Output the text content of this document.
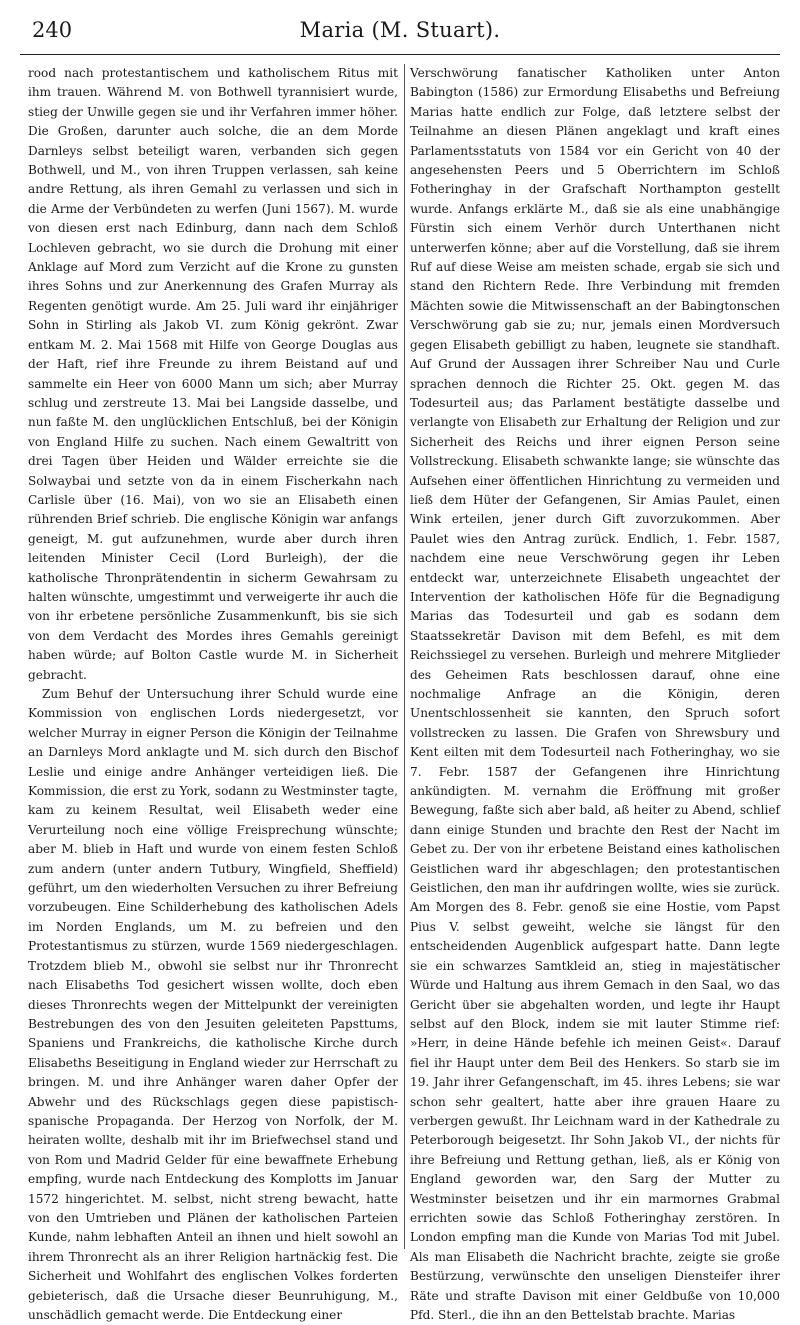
240	Maria (M. Stuart).

rood nach protestantischem und katholischem Ritus mit ihm trauen. Während M. von Bothwell tyrannisiert wurde, stieg der Unwille gegen sie und ihr Verfahren immer höher. Die Großen, darunter auch solche, die an dem Morde Darnleys selbst beteiligt waren, verbanden sich gegen Bothwell, und M., von ihren Truppen verlassen, sah keine andre Rettung, als ihren Gemahl zu verlassen und sich in die Arme der Verbündeten zu werfen (Juni 1567). M. wurde von diesen erst nach Edinburg, dann nach dem Schloß Lochleven gebracht, wo sie durch die Drohung mit einer Anklage auf Mord zum Verzicht auf die Krone zu gunsten ihres Sohns und zur Anerkennung des Grafen Murray als Regenten genötigt wurde. Am 25. Juli ward ihr einjähriger Sohn in Stirling als Jakob VI. zum König gekrönt. Zwar entkam M. 2. Mai 1568 mit Hilfe von George Douglas aus der Haft, rief ihre Freunde zu ihrem Beistand auf und sammelte ein Heer von 6000 Mann um sich; aber Murray schlug und zerstreute 13. Mai bei Langside dasselbe, und nun faßte M. den unglücklichen Entschluß, bei der Königin von England Hilfe zu suchen. Nach einem Gewaltritt von drei Tagen über Heiden und Wälder erreichte sie die Solwaybai und setzte von da in einem Fischerkahn nach Carlisle über (16. Mai), von wo sie an Elisabeth einen rührenden Brief schrieb. Die englische Königin war anfangs geneigt, M. gut aufzunehmen, wurde aber durch ihren leitenden Minister Cecil (Lord Burleigh), der die katholische Thronprätendentin in sicherm Gewahrsam zu halten wünschte, umgestimmt und verweigerte ihr auch die von ihr erbetene persönliche Zusammenkunft, bis sie sich von dem Verdacht des Mordes ihres Gemahls gereinigt haben würde; auf Bolton Castle wurde M. in Sicherheit gebracht.

Zum Behuf der Untersuchung ihrer Schuld wurde eine Kommission von englischen Lords niedergesetzt, vor welcher Murray in eigner Person die Königin der Teilnahme an Darnleys Mord anklagte und M. sich durch den Bischof Leslie und einige andre Anhänger verteidigen ließ. Die Kommission, die erst zu York, sodann zu Westminster tagte, kam zu keinem Resultat, weil Elisabeth weder eine Verurteilung noch eine völlige Freisprechung wünschte; aber M. blieb in Haft und wurde von einem festen Schloß zum andern (unter andern Tutbury, Wingfield, Sheffield) geführt, um den wiederholten Versuchen zu ihrer Befreiung vorzubeugen. Eine Schilderhebung des katholischen Adels im Norden Englands, um M. zu befreien und den Protestantismus zu stürzen, wurde 1569 niedergeschlagen. Trotzdem blieb M., obwohl sie selbst nur ihr Thronrecht nach Elisabeths Tod gesichert wissen wollte, doch eben dieses Thronrechts wegen der Mittelpunkt der vereinigten Bestrebungen des von den Jesuiten geleiteten Papsttums, Spaniens und Frankreichs, die katholische Kirche durch Elisabeths Beseitigung in England wieder zur Herrschaft zu bringen. M. und ihre Anhänger waren daher Opfer der Abwehr und des Rückschlags gegen diese papistisch-spanische Propaganda. Der Herzog von Norfolk, der M. heiraten wollte, deshalb mit ihr im Briefwechsel stand und von Rom und Madrid Gelder für eine bewaffnete Erhebung empfing, wurde nach Entdeckung des Komplotts im Januar 1572 hingerichtet. M. selbst, nicht streng bewacht, hatte von den Umtrieben und Plänen der katholischen Parteien Kunde, nahm lebhaften Anteil an ihnen und hielt sowohl an ihrem Thronrecht als an ihrer Religion hartnäckig fest. Die Sicherheit und Wohlfahrt des englischen Volkes forderten gebieterisch, daß die Ursache dieser Beunruhigung, M., unschädlich gemacht werde. Die Entdeckung einer

Verschwörung fanatischer Katholiken unter Anton Babington (1586) zur Ermordung Elisabeths und Befreiung Marias hatte endlich zur Folge, daß letztere selbst der Teilnahme an diesen Plänen angeklagt und kraft eines Parlamentsstatuts von 1584 vor ein Gericht von 40 der angesehensten Peers und 5 Oberrichtern im Schloß Fotheringhay in der Grafschaft Northampton gestellt wurde. Anfangs erklärte M., daß sie als eine unabhängige Fürstin sich einem Verhör durch Unterthanen nicht unterwerfen könne; aber auf die Vorstellung, daß sie ihrem Ruf auf diese Weise am meisten schade, ergab sie sich und stand den Richtern Rede. Ihre Verbindung mit fremden Mächten sowie die Mitwissenschaft an der Babingtonschen Verschwörung gab sie zu; nur, jemals einen Mordversuch gegen Elisabeth gebilligt zu haben, leugnete sie standhaft. Auf Grund der Aussagen ihrer Schreiber Nau und Curle sprachen dennoch die Richter 25. Okt. gegen M. das Todesurteil aus; das Parlament bestätigte dasselbe und verlangte von Elisabeth zur Erhaltung der Religion und zur Sicherheit des Reichs und ihrer eignen Person seine Vollstreckung. Elisabeth schwankte lange; sie wünschte das Aufsehen einer öffentlichen Hinrichtung zu vermeiden und ließ dem Hüter der Gefangenen, Sir Amias Paulet, einen Wink erteilen, jener durch Gift zuvorzukommen. Aber Paulet wies den Antrag zurück. Endlich, 1. Febr. 1587, nachdem eine neue Verschwörung gegen ihr Leben entdeckt war, unterzeichnete Elisabeth ungeachtet der Intervention der katholischen Höfe für die Begnadigung Marias das Todesurteil und gab es sodann dem Staatssekretär Davison mit dem Befehl, es mit dem Reichssiegel zu versehen. Burleigh und mehrere Mitglieder des Geheimen Rats beschlossen darauf, ohne eine nochmalige Anfrage an die Königin, deren Unentschlossenheit sie kannten, den Spruch sofort vollstrecken zu lassen. Die Grafen von Shrewsbury und Kent eilten mit dem Todesurteil nach Fotheringhay, wo sie 7. Febr. 1587 der Gefangenen ihre Hinrichtung ankündigten. M. vernahm die Eröffnung mit großer Bewegung, faßte sich aber bald, aß heiter zu Abend, schlief dann einige Stunden und brachte den Rest der Nacht im Gebet zu. Der von ihr erbetene Beistand eines katholischen Geistlichen ward ihr abgeschlagen; den protestantischen Geistlichen, den man ihr aufdringen wollte, wies sie zurück. Am Morgen des 8. Febr. genoß sie eine Hostie, vom Papst Pius V. selbst geweiht, welche sie längst für den entscheidenden Augenblick aufgespart hatte. Dann legte sie ein schwarzes Samtkleid an, stieg in majestätischer Würde und Haltung aus ihrem Gemach in den Saal, wo das Gericht über sie abgehalten worden, und legte ihr Haupt selbst auf den Block, indem sie mit lauter Stimme rief: »Herr, in deine Hände befehle ich meinen Geist«. Darauf fiel ihr Haupt unter dem Beil des Henkers. So starb sie im 19. Jahr ihrer Gefangenschaft, im 45. ihres Lebens; sie war schon sehr gealtert, hatte aber ihre grauen Haare zu verbergen gewußt. Ihr Leichnam ward in der Kathedrale zu Peterborough beigesetzt. Ihr Sohn Jakob VI., der nichts für ihre Befreiung und Rettung gethan, ließ, als er König von England geworden war, den Sarg der Mutter zu Westminster beisetzen und ihr ein marmornes Grabmal errichten sowie das Schloß Fotheringhay zerstören. In London empfing man die Kunde von Marias Tod mit Jubel. Als man Elisabeth die Nachricht brachte, zeigte sie große Bestürzung, verwünschte den unseligen Diensteifer ihrer Räte und strafte Davison mit einer Geldbuße von 10,000 Pfd. Sterl., die ihn an den Bettelstab brachte. Marias
